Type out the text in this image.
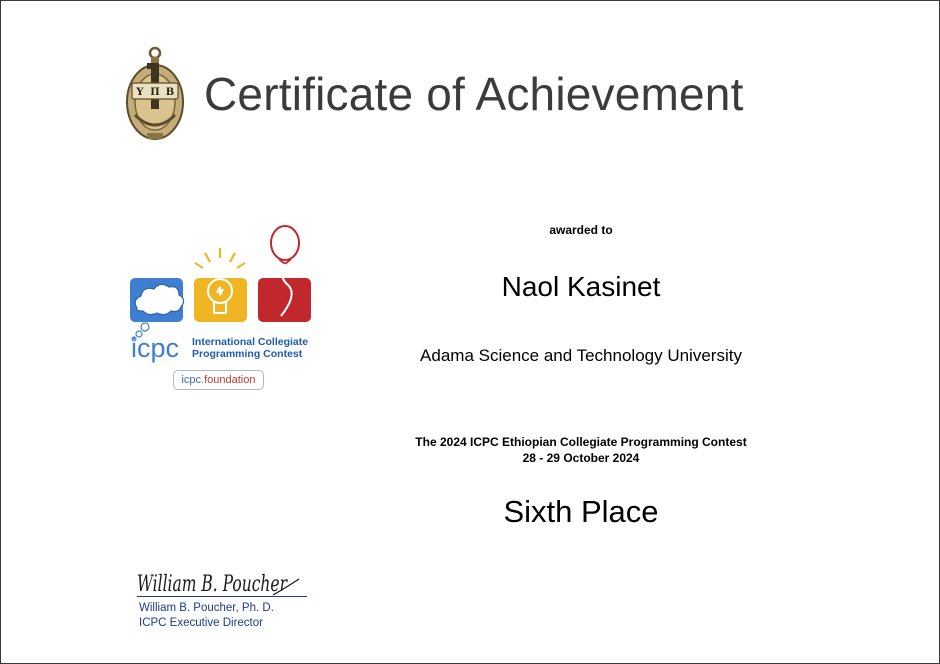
Υ Π Β Certificate of Achievement
icpc International Collegiate
Programming Contest
icpc.foundation
awarded to
Naol Kasinet
Adama Science and Technology University
The 2024 ICPC Ethiopian Collegiate Programming Contest
28 - 29 October 2024
Sixth Place
William B. Poucher
William B. Poucher, Ph. D.
ICPC Executive Director
